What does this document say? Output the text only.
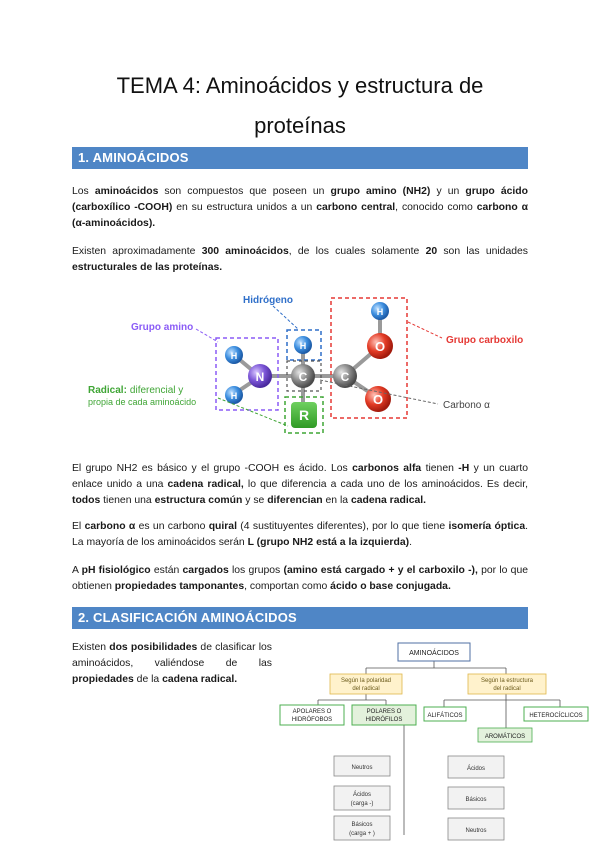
TEMA 4: Aminoácidos y estructura de
proteínas
1. AMINOÁCIDOS

Los aminoácidos son compuestos que poseen un grupo amino (NH2) y un grupo ácido (carboxílico -COOH) en su estructura unidos a un carbono central, conocido como carbono α (α-aminoácidos).

Existen aproximadamente 300 aminoácidos, de los cuales solamente 20 son las unidades estructurales de las proteínas.

H
H
N
H
C	C
O
O
H
R
Hidrógeno
Grupo amino
Grupo carboxilo
Carbono α
Radical: diferencial y
propia de cada aminoácido
AMINOÁCIDOS
Según la polaridad
del radical
Según la estructura
del radical
APOLARES O
HIDRÓFOBOS
POLARES O
HIDRÓFILOS
ALIFÁTICOS	HETEROCÍCLICOS
AROMÁTICOS
Neutros
Ácidos
(carga -)
Básicos
(carga + )
Ácidos
Básicos
Neutros

El grupo NH2 es básico y el grupo -COOH es ácido. Los carbonos alfa tienen -H y un cuarto enlace unido a una cadena radical, lo que diferencia a cada uno de los aminoácidos. Es decir, todos tienen una estructura común y se diferencian en la cadena radical.

El carbono α es un carbono quiral (4 sustituyentes diferentes), por lo que tiene isomería óptica. La mayoría de los aminoácidos serán L (grupo NH2 está a la izquierda).

A pH fisiológico están cargados los grupos (amino está cargado + y el carboxilo -), por lo que obtienen propiedades tamponantes, comportan como ácido o base conjugada.

2. CLASIFICACIÓN AMINOÁCIDOS

Existen dos posibilidades de clasificar los aminoácidos, valiéndose de las propiedades de la cadena radical.
